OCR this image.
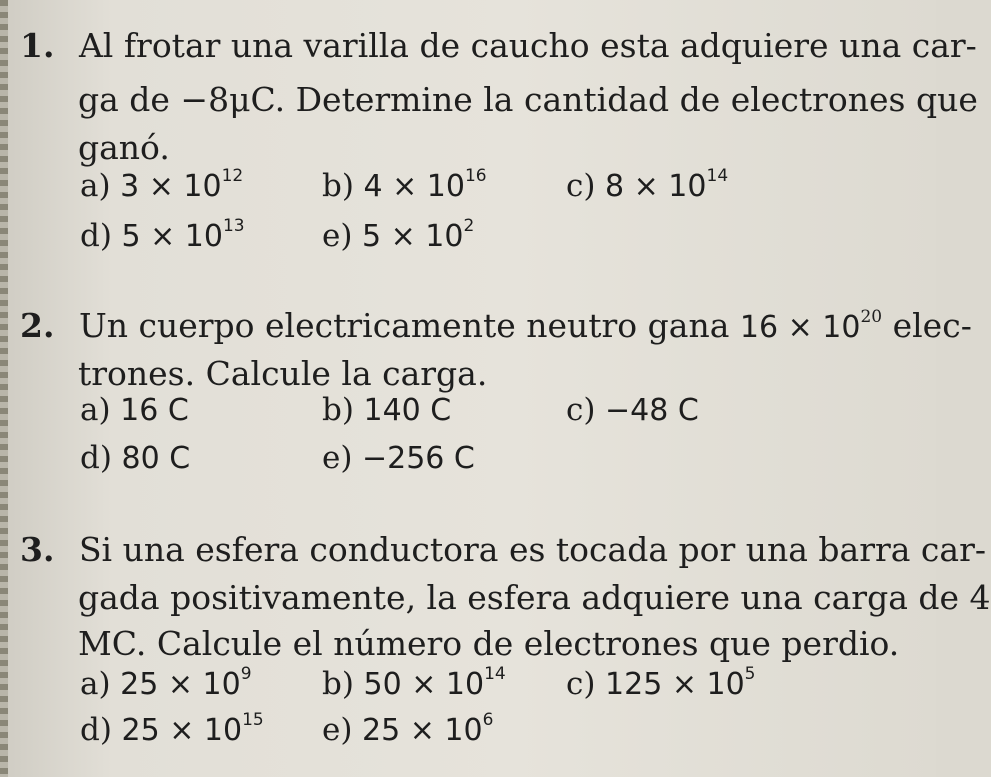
1. Al frotar una varilla de caucho esta adquiere una car-
ga de −8μC. Determine la cantidad de electrones que
ganó.
a) $3 \times 10^{12}$	b) $4 \times 10^{16}$	c) $8 \times 10^{14}$
d) $5 \times 10^{13}$ e) $5 \times 10^2$
2. Un cuerpo electricamente neutro gana $16 \times 10^{20}$ elec-
trones. Calcule la carga.
a) 16 C	b) 140 C	c) −48 C
d) 80 C	e) −256 C
3. Si una esfera conductora es tocada por una barra car-
gada positivamente, la esfera adquiere una carga de 4
MC. Calcule el número de electrones que perdio.
a) $25 \times 10^9$ b) $50 \times 10^{14}$ c) $125 \times 10^5$
d) $25 \times 10^{15}$ e) $25 \times 10^6$
